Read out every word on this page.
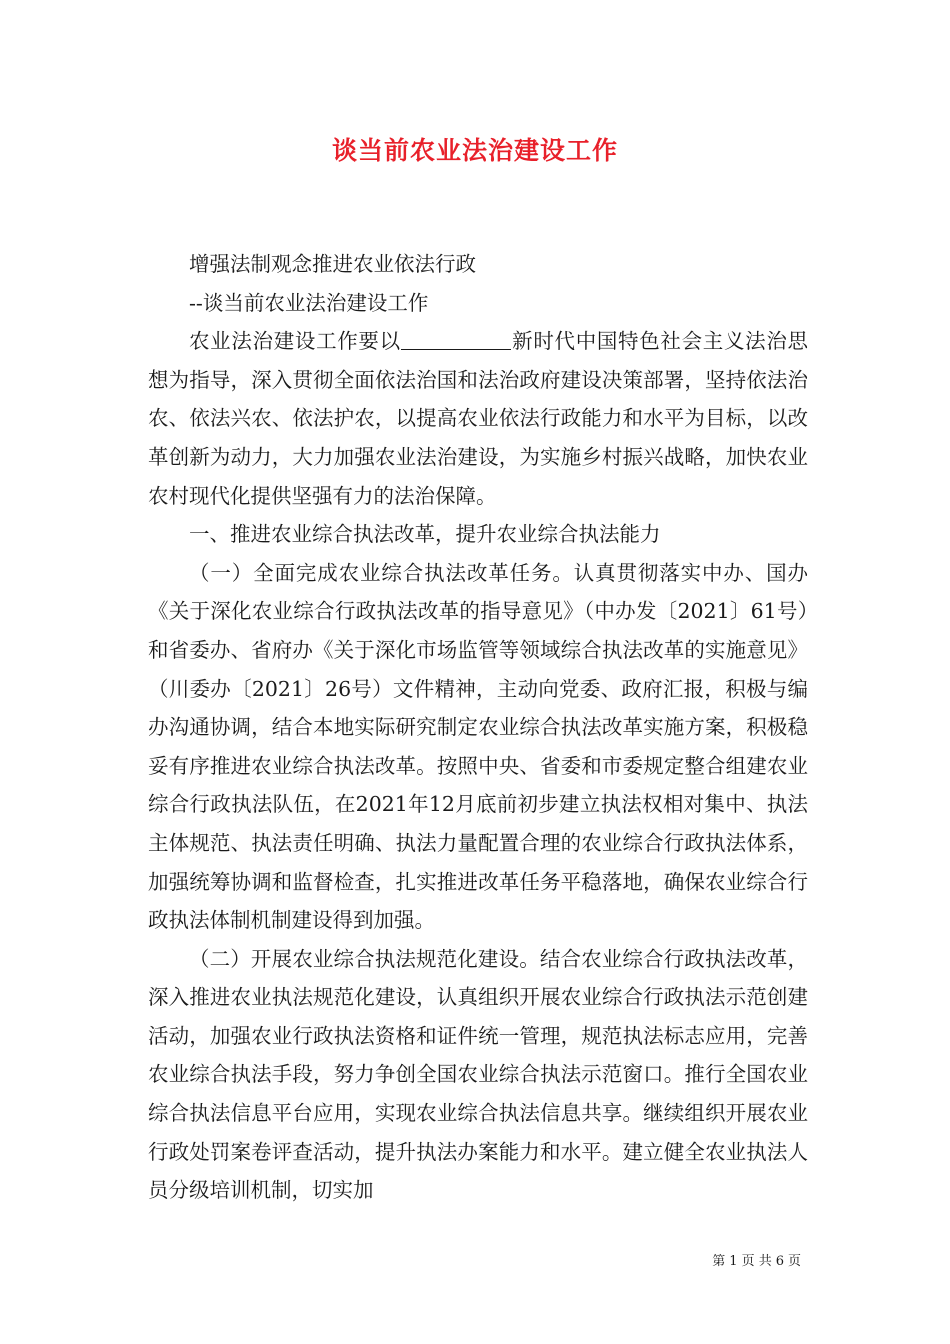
谈当前农业法治建设工作

增强法制观念推进农业依法行政

--谈当前农业法治建设工作

农业法治建设工作要以	新时代中国特色社会主义法治思想为指导，深入贯彻全面依法治国和法治政府建设决策部署，坚持依法治农、依法兴农、依法护农，以提高农业依法行政能力和水平为目标，以改革创新为动力，大力加强农业法治建设，为实施乡村振兴战略，加快农业农村现代化提供坚强有力的法治保障。

一、推进农业综合执法改革，提升农业综合执法能力

（一）全面完成农业综合执法改革任务。认真贯彻落实中办、国办《关于深化农业综合行政执法改革的指导意见》（中办发〔2021〕61号）和省委办、省府办《关于深化市场监管等领域综合执法改革的实施意见》（川委办〔2021〕26号）文件精神，主动向党委、政府汇报，积极与编办沟通协调，结合本地实际研究制定农业综合执法改革实施方案，积极稳妥有序推进农业综合执法改革。按照中央、省委和市委规定整合组建农业综合行政执法队伍，在2021年12月底前初步建立执法权相对集中、执法主体规范、执法责任明确、执法力量配置合理的农业综合行政执法体系，加强统筹协调和监督检查，扎实推进改革任务平稳落地，确保农业综合行政执法体制机制建设得到加强。

（二）开展农业综合执法规范化建设。结合农业综合行政执法改革，深入推进农业执法规范化建设，认真组织开展农业综合行政执法示范创建活动，加强农业行政执法资格和证件统一管理，规范执法标志应用，完善农业综合执法手段，努力争创全国农业综合执法示范窗口。推行全国农业综合执法信息平台应用，实现农业综合执法信息共享。继续组织开展农业行政处罚案卷评查活动，提升执法办案能力和水平。建立健全农业执法人员分级培训机制，切实加

第 1 页 共 6 页
